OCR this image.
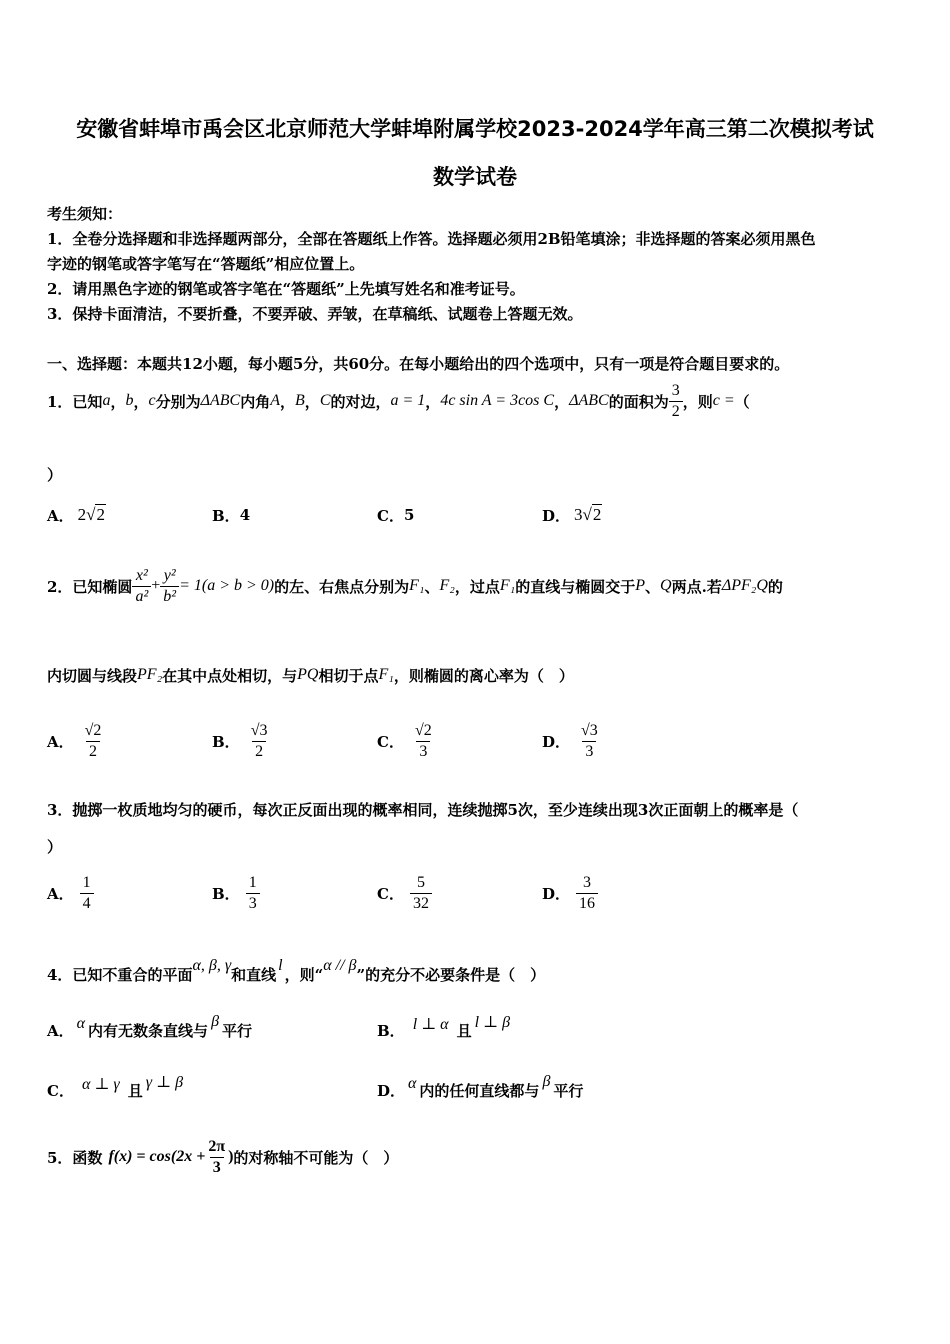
安徽省蚌埠市禹会区北京师范大学蚌埠附属学校2023-2024学年高三第二次模拟考试
数学试卷
考生须知：
1．全卷分选择题和非选择题两部分，全部在答题纸上作答。选择题必须用2B铅笔填涂；非选择题的答案必须用黑色
字迹的钢笔或答字笔写在“答题纸”相应位置上。
2．请用黑色字迹的钢笔或答字笔在“答题纸”上先填写姓名和准考证号。
3．保持卡面清洁，不要折叠，不要弄破、弄皱，在草稿纸、试题卷上答题无效。
一、选择题：本题共12小题，每小题5分，共60分。在每小题给出的四个选项中，只有一项是符合题目要求的。
1．已知 a ， b ， c 分别为 ΔABC 内角 A ， B ， C 的对边， a = 1 ， 4c sin A = 3cos C ， ΔABC 的面积为 $\frac{3}{2}$ ，则 c = （
）
A． 2√2	B． 4	C． 5	D． 3√2
2．已知椭圆 $\frac{\text{x²}}{\text{a²}} + \frac{\text{y²}}{\text{b²}} = 1(a > b > 0)$ 的左、右焦点分别为 F₁ 、 F₂ ，过点 F₁ 的直线与椭圆交于 P 、 Q 两点.若 ΔPF₂Q 的
内切圆与线段 PF₂ 在其中点处相切，与 PQ 相切于点 F₁ ，则椭圆的离心率为（　）
A． $\frac{√2}{2}$	B． $\frac{√3}{2}$	C． $\frac{√2}{3}$	D． $\frac{√3}{3}$
3．抛掷一枚质地均匀的硬币，每次正反面出现的概率相同，连续抛掷5次，至少连续出现3次正面朝上的概率是（
）
A． $\frac{1}{4}$	B． $\frac{1}{3}$	C． $\frac{5}{32}$	D． $\frac{3}{16}$
4．已知不重合的平面 α, β, γ 和直线 l ，则“ α // β ”的充分不必要条件是（　）
A． α 内有无数条直线与 β 平行	B． l ⊥ α 且 l ⊥ β
C． α ⊥ γ 且 γ ⊥ β	D． α 内的任何直线都与 β 平行
5．函数 $f(x) = \cos(2x + \frac{2\pi}{3}$ ) 的对称轴不可能为（　）
